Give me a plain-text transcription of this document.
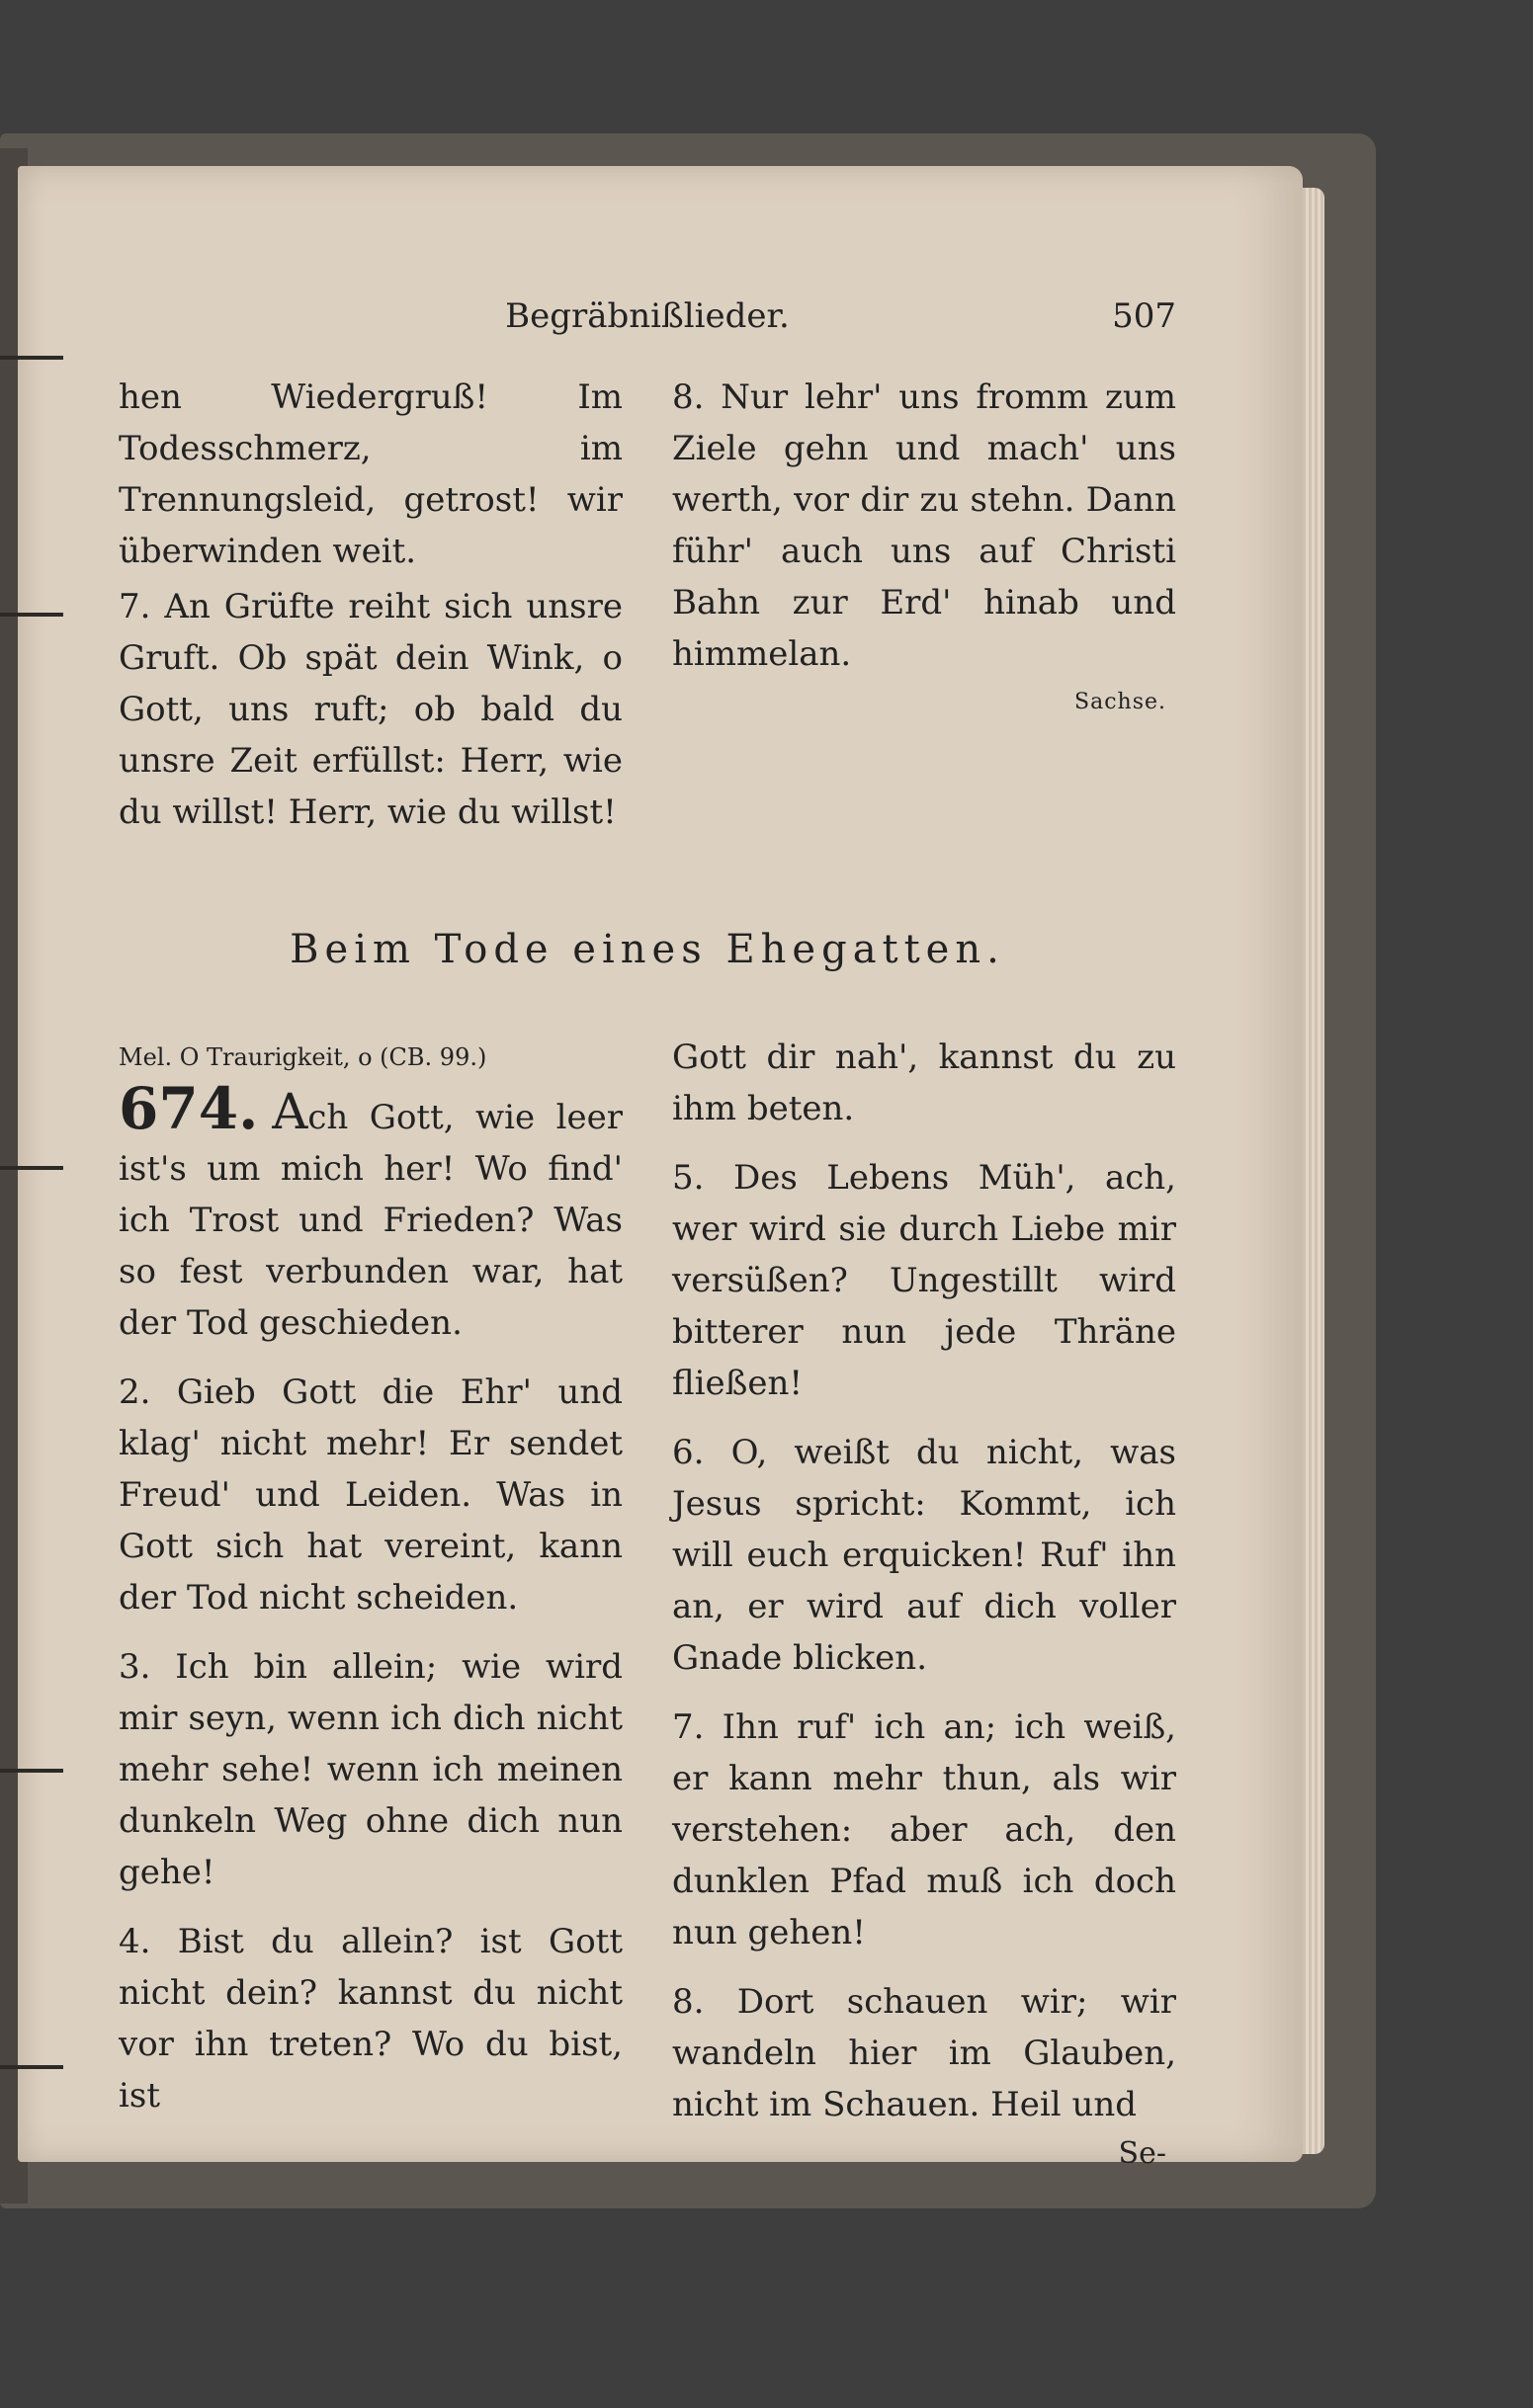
Begräbnißlieder.	507

hen Wiedergruß! Im Todesschmerz, im Trennungsleid, getrost! wir überwinden weit.

7. An Grüfte reiht sich unsre Gruft. Ob spät dein Wink, o Gott, uns ruft; ob bald du unsre Zeit erfüllst: Herr, wie du willst! Herr, wie du willst!

8. Nur lehr' uns fromm zum Ziele gehn und mach' uns werth, vor dir zu stehn. Dann führ' auch uns auf Christi Bahn zur Erd' hinab und himmelan.

Sachse.
Beim Tode eines Ehegatten.

Mel. O Traurigkeit, o (CB. 99.)

674. Ach Gott, wie leer ist's um mich her! Wo find' ich Trost und Frieden? Was so fest verbunden war, hat der Tod geschieden.

2. Gieb Gott die Ehr' und klag' nicht mehr! Er sendet Freud' und Leiden. Was in Gott sich hat vereint, kann der Tod nicht scheiden.

3. Ich bin allein; wie wird mir seyn, wenn ich dich nicht mehr sehe! wenn ich meinen dunkeln Weg ohne dich nun gehe!

4. Bist du allein? ist Gott nicht dein? kannst du nicht vor ihn treten? Wo du bist, ist

Gott dir nah', kannst du zu ihm beten.

5. Des Lebens Müh', ach, wer wird sie durch Liebe mir versüßen? Ungestillt wird bitterer nun jede Thräne fließen!

6. O, weißt du nicht, was Jesus spricht: Kommt, ich will euch erquicken! Ruf' ihn an, er wird auf dich voller Gnade blicken.

7. Ihn ruf' ich an; ich weiß, er kann mehr thun, als wir verstehen: aber ach, den dunklen Pfad muß ich doch nun gehen!

8. Dort schauen wir; wir wandeln hier im Glauben, nicht im Schauen. Heil und

Se-
